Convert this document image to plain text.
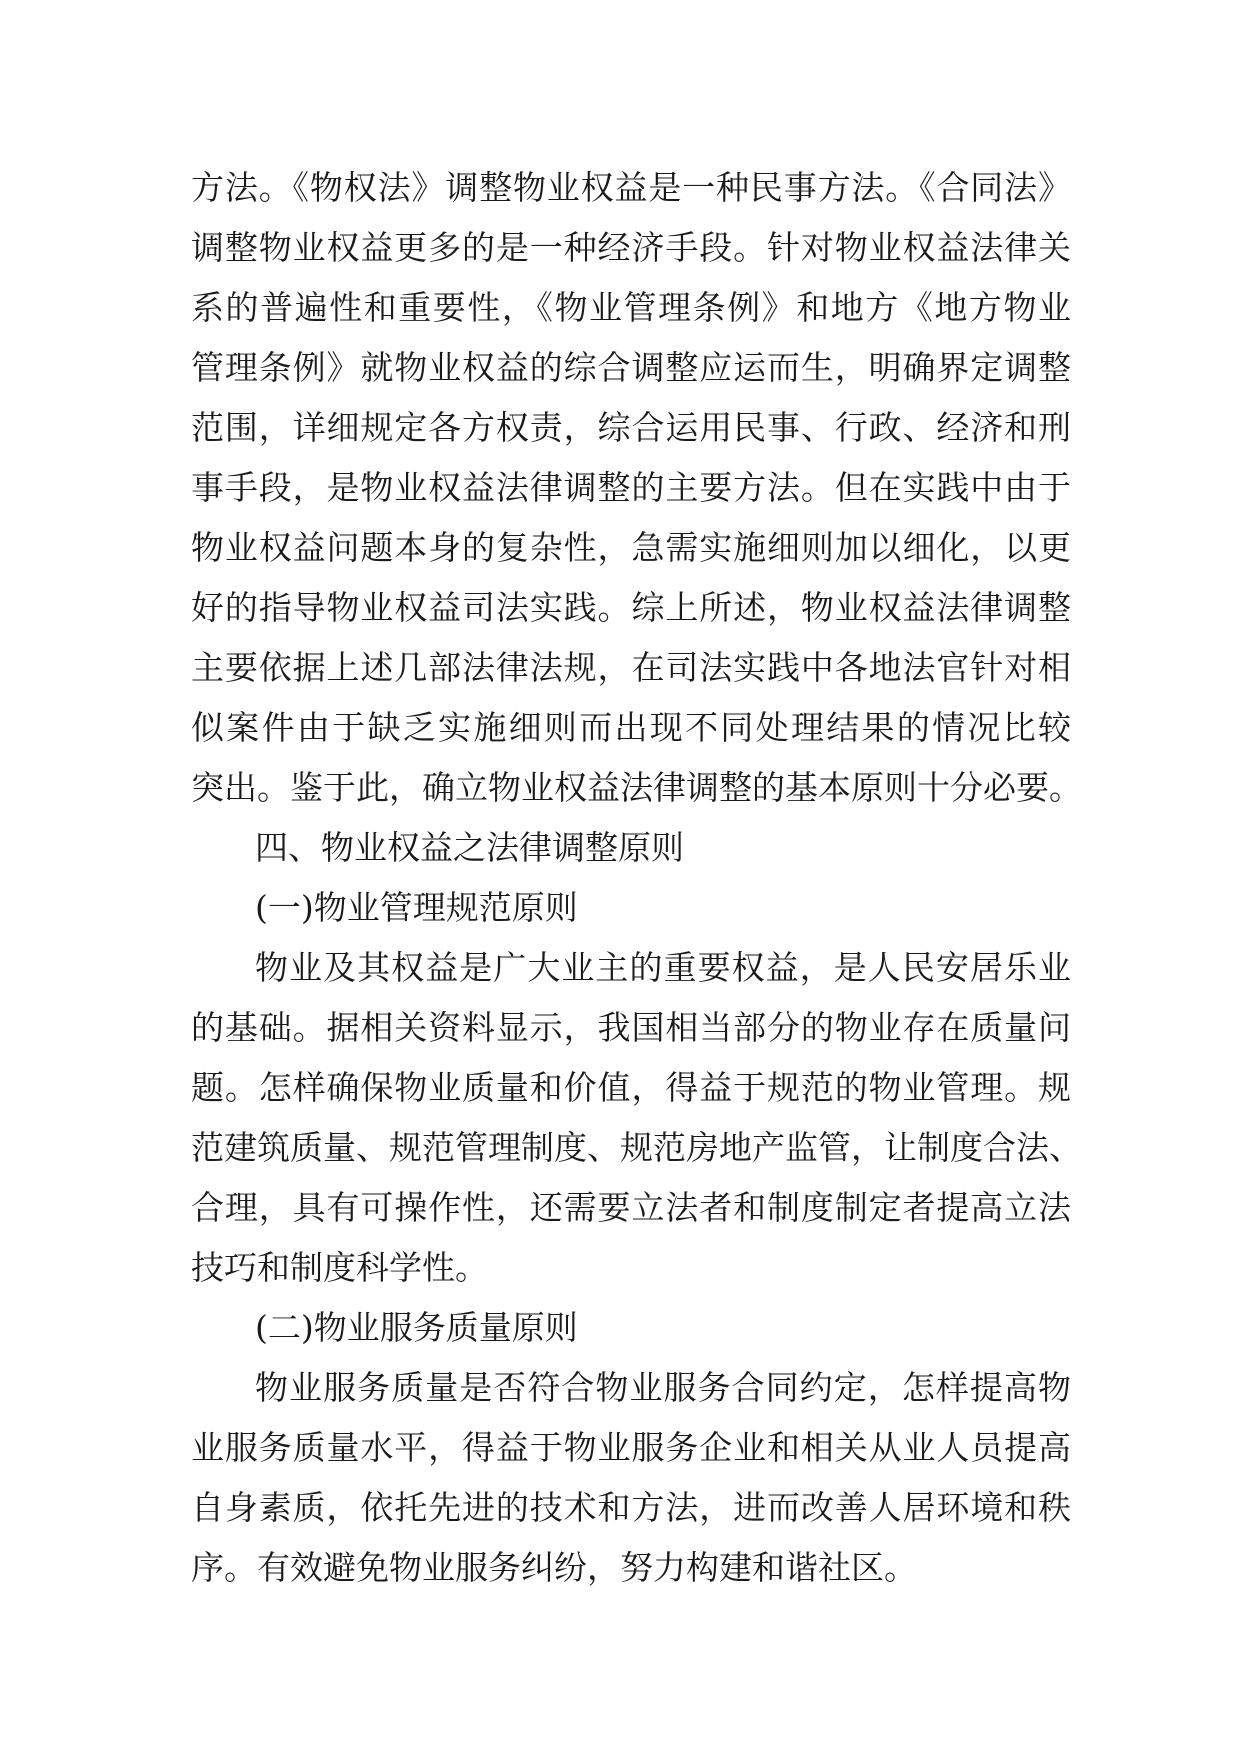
方法。《物权法》调整物业权益是一种民事方法。《合同法》
调整物业权益更多的是一种经济手段。针对物业权益法律关
系的普遍性和重要性，《物业管理条例》和地方《地方物业
管理条例》就物业权益的综合调整应运而生，明确界定调整
范围，详细规定各方权责，综合运用民事、行政、经济和刑
事手段，是物业权益法律调整的主要方法。但在实践中由于
物业权益问题本身的复杂性，急需实施细则加以细化，以更
好的指导物业权益司法实践。综上所述，物业权益法律调整
主要依据上述几部法律法规，在司法实践中各地法官针对相
似案件由于缺乏实施细则而出现不同处理结果的情况比较
突出。鉴于此，确立物业权益法律调整的基本原则十分必要。
四、物业权益之法律调整原则
(一)物业管理规范原则
物业及其权益是广大业主的重要权益，是人民安居乐业
的基础。据相关资料显示，我国相当部分的物业存在质量问
题。怎样确保物业质量和价值，得益于规范的物业管理。规
范建筑质量、规范管理制度、规范房地产监管，让制度合法、
合理，具有可操作性，还需要立法者和制度制定者提高立法
技巧和制度科学性。
(二)物业服务质量原则
物业服务质量是否符合物业服务合同约定，怎样提高物
业服务质量水平，得益于物业服务企业和相关从业人员提高
自身素质，依托先进的技术和方法，进而改善人居环境和秩
序。有效避免物业服务纠纷，努力构建和谐社区。
